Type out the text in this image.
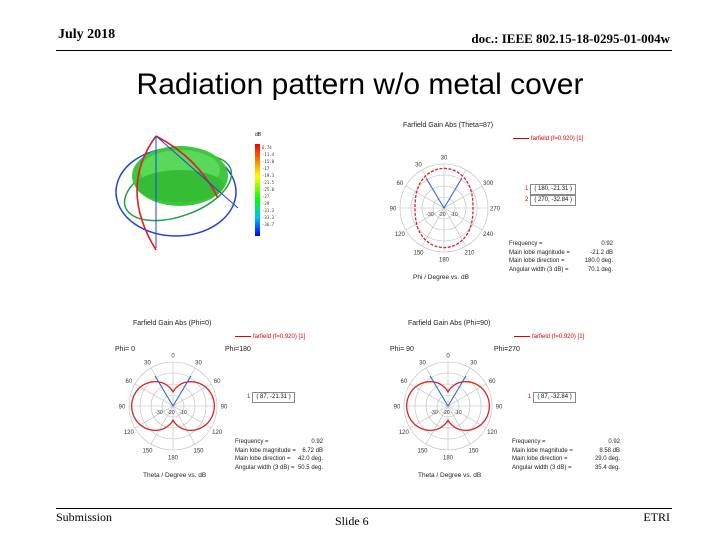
July 2018	doc.: IEEE 802.15-18-0295-01-004w
Radiation pattern w/o metal cover
dB
6.74
-11.4
-15.0
-17
-19.3
-21.5
-25.8
-27
-29
-31.3
-33.3
-36.7
Farfield Gain Abs (Theta=87)
farfield (f=0.920) [1]
30
30
60
90
120
150
180
210
240
270
300
-30 -20 -10
1 ( 180, -21.31 )
2 ( 270, -32.84 )
Frequency =	0.92
Main lobe magnitude =	-21.2 dB
Main lobe direction =	180.0 deg.
Angular width (3 dB) =	70.1 deg.
Phi / Degree vs. dB
Farfield Gain Abs (Phi=0)
farfield (f=0.920) [1]
Phi= 0	Phi=180
0
30	30
60	60
90	90
120	120
150	150
180
-30 -20 -10
1 ( 87, -21.31 )
Frequency =	0.92
Main lobe magnitude = 6.72 dB
Main lobe direction = 42.0 deg.
Angular width (3 dB) = 50.5 deg.
Theta / Degree vs. dB
Farfield Gain Abs (Phi=90)
farfield (f=0.920) [1]
Phi= 90	Phi=270
0
30	30
60	60
90	90
120	120
150	150
180
-30 -20 -10
1 ( 87, -32.84 )
Frequency =	0.92
Main lobe magnitude =	8.58 dB
Main lobe direction =	29.0 deg.
Angular width (3 dB) =	35.4 deg.
Theta / Degree vs. dB
Submission	Slide 6	ETRI
